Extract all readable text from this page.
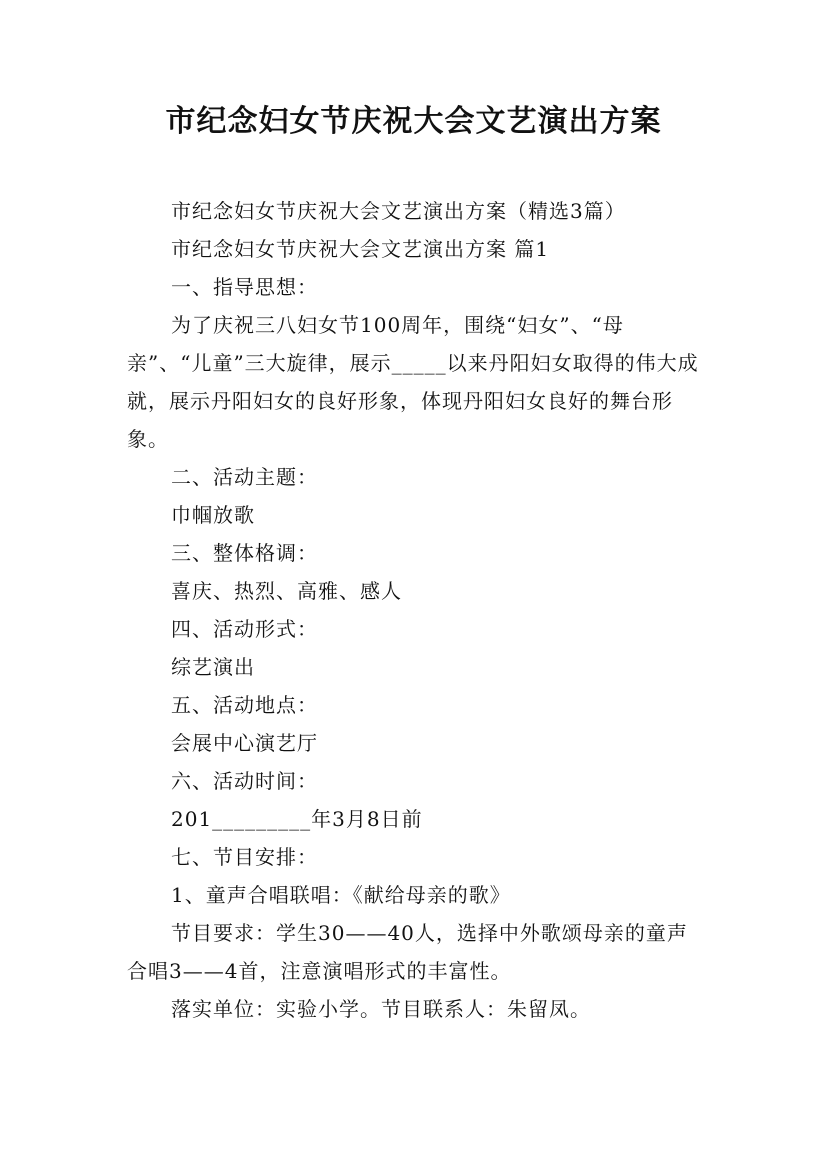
市纪念妇女节庆祝大会文艺演出方案

市纪念妇女节庆祝大会文艺演出方案（精选3篇）

市纪念妇女节庆祝大会文艺演出方案 篇1

一、指导思想：

为了庆祝三八妇女节100周年，围绕“妇女”、“母亲”、“儿童”三大旋律，展示_____以来丹阳妇女取得的伟大成就，展示丹阳妇女的良好形象，体现丹阳妇女良好的舞台形象。

二、活动主题：

巾帼放歌

三、整体格调：

喜庆、热烈、高雅、感人

四、活动形式：

综艺演出

五、活动地点：

会展中心演艺厅

六、活动时间：

201_________年3月8日前

七、节目安排：

1、童声合唱联唱：《献给母亲的歌》

节目要求：学生30——40人，选择中外歌颂母亲的童声合唱3——4首，注意演唱形式的丰富性。

落实单位：实验小学。节目联系人：朱留凤。
